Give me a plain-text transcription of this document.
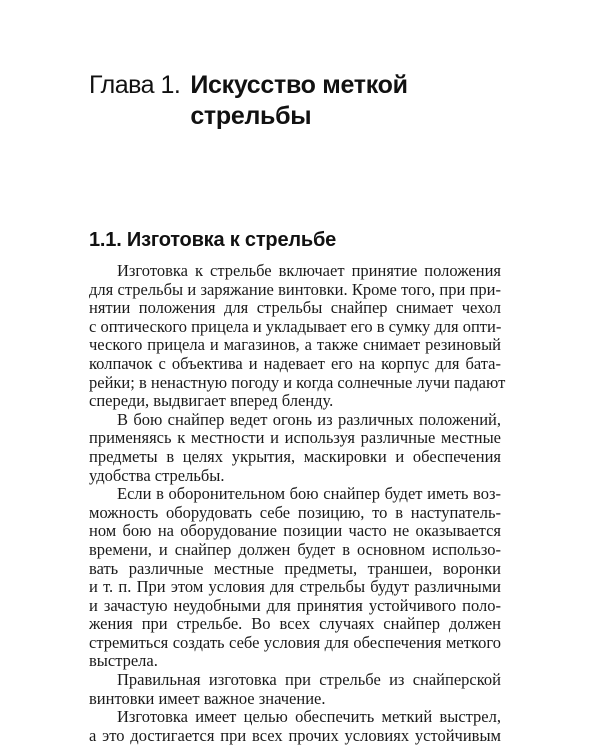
Глава 1. Искусство меткой
стрельбы
1.1. Изготовка к стрельбе
Изготовка к стрельбе включает принятие положения
для стрельбы и заряжание винтовки. Кроме того, при при-
нятии положения для стрельбы снайпер снимает чехол
с оптического прицела и укладывает его в сумку для опти-
ческого прицела и магазинов, а также снимает резиновый
колпачок с объектива и надевает его на корпус для бата-
рейки; в ненастную погоду и когда солнечные лучи падают
спереди, выдвигает вперед бленду.
В бою снайпер ведет огонь из различных положений,
применяясь к местности и используя различные местные
предметы в целях укрытия, маскировки и обеспечения
удобства стрельбы.
Если в оборонительном бою снайпер будет иметь воз-
можность оборудовать себе позицию, то в наступатель-
ном бою на оборудование позиции часто не оказывается
времени, и снайпер должен будет в основном использо-
вать различные местные предметы, траншеи, воронки
и т. п. При этом условия для стрельбы будут различными
и зачастую неудобными для принятия устойчивого поло-
жения при стрельбе. Во всех случаях снайпер должен
стремиться создать себе условия для обеспечения меткого
выстрела.
Правильная изготовка при стрельбе из снайперской
винтовки имеет важное значение.
Изготовка имеет целью обеспечить меткий выстрел,
а это достигается при всех прочих условиях устойчивым
